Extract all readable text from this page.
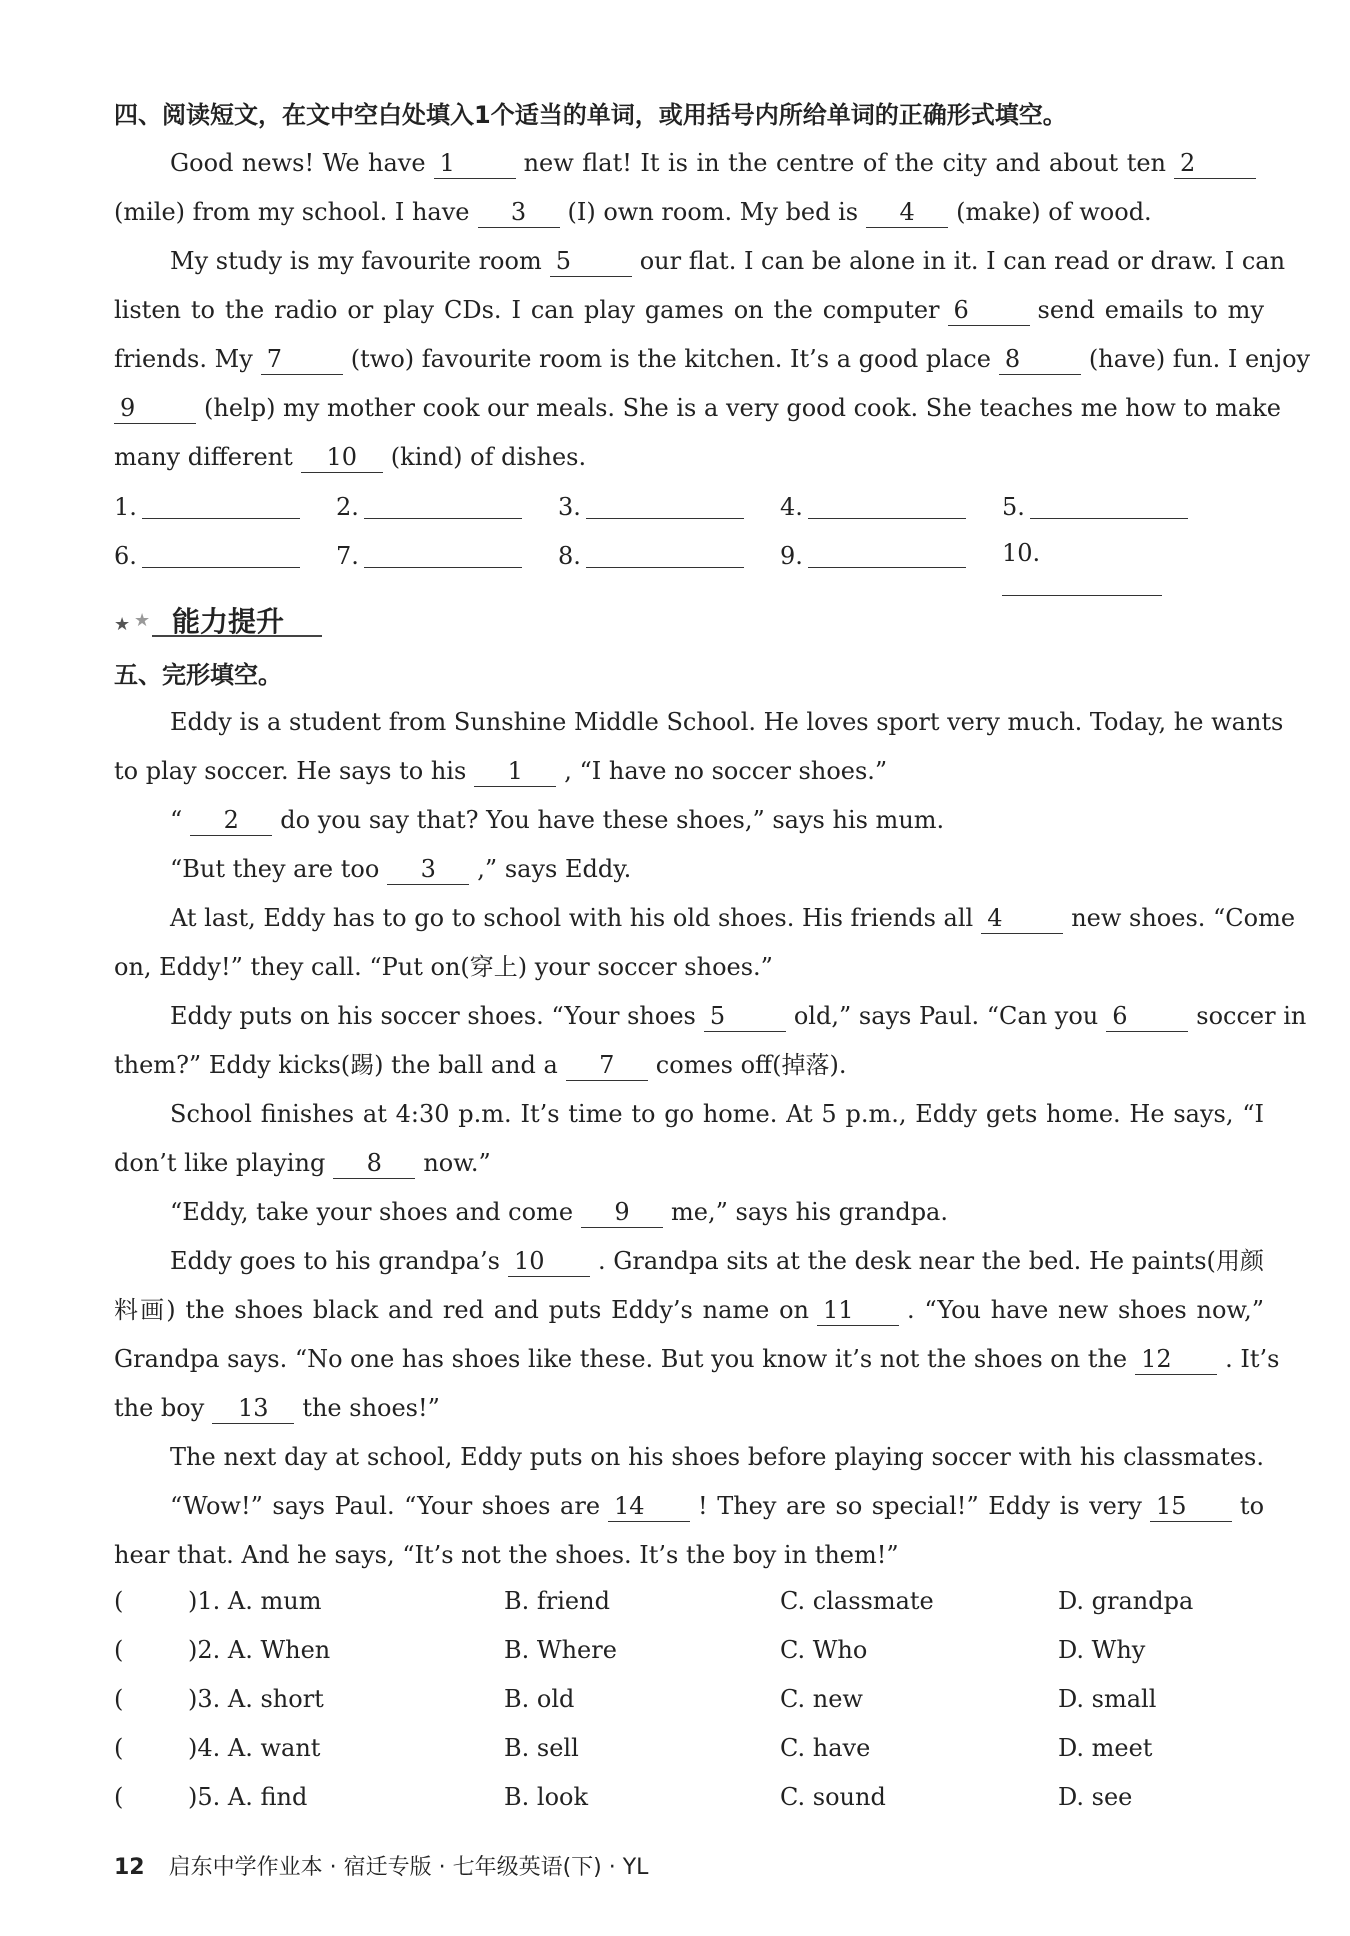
四、阅读短文，在文中空白处填入1个适当的单词，或用括号内所给单词的正确形式填空。
Good news! We have 1	new flat! It is in the centre of the city and about ten 2
(mile) from my school. I have 3 (I) own room. My bed is 4 (make) of wood.
My study is my favourite room 5	our flat. I can be alone in it. I can read or draw. I can
listen to the radio or play CDs. I can play games on the computer 6	send emails to my
friends. My 7	(two) favourite room is the kitchen. It’s a good place 8	(have) fun. I enjoy
9	(help) my mother cook our meals. She is a very good cook. She teaches me how to make
many different 10 (kind) of dishes.
1.	2.	3.	4.	5.
6.	7.	8.	9.	10.
★ ★ 能力提升
五、完形填空。
Eddy is a student from Sunshine Middle School. He loves sport very much. Today, he wants
to play soccer. He says to his 1 , “I have no soccer shoes.”
“ 2 do you say that? You have these shoes,” says his mum.
“But they are too 3 ,” says Eddy.
At last, Eddy has to go to school with his old shoes. His friends all 4	new shoes. “Come
on, Eddy!” they call. “Put on(穿上) your soccer shoes.”
Eddy puts on his soccer shoes. “Your shoes 5	old,” says Paul. “Can you 6	soccer in
them?” Eddy kicks(踢) the ball and a 7 comes off(掉落).
School finishes at 4:30 p.m. It’s time to go home. At 5 p.m., Eddy gets home. He says, “I
don’t like playing 8 now.”
“Eddy, take your shoes and come 9 me,” says his grandpa.
Eddy goes to his grandpa’s 10 . Grandpa sits at the desk near the bed. He paints(用颜
料画) the shoes black and red and puts Eddy’s name on 11 . “You have new shoes now,”
Grandpa says. “No one has shoes like these. But you know it’s not the shoes on the 12 . It’s
the boy 13 the shoes!”
The next day at school, Eddy puts on his shoes before playing soccer with his classmates.
“Wow!” says Paul. “Your shoes are 14 ! They are so special!” Eddy is very 15 to
hear that. And he says, “It’s not the shoes. It’s the boy in them!”
(	)1. A. mum	B. friend	C. classmate	D. grandpa
(	)2. A. When	B. Where	C. Who	D. Why
(	)3. A. short	B. old	C. new	D. small
(	)4. A. want	B. sell	C. have	D. meet
(	)5. A. find	B. look	C. sound	D. see
12 启东中学作业本 · 宿迁专版 · 七年级英语(下) · YL
